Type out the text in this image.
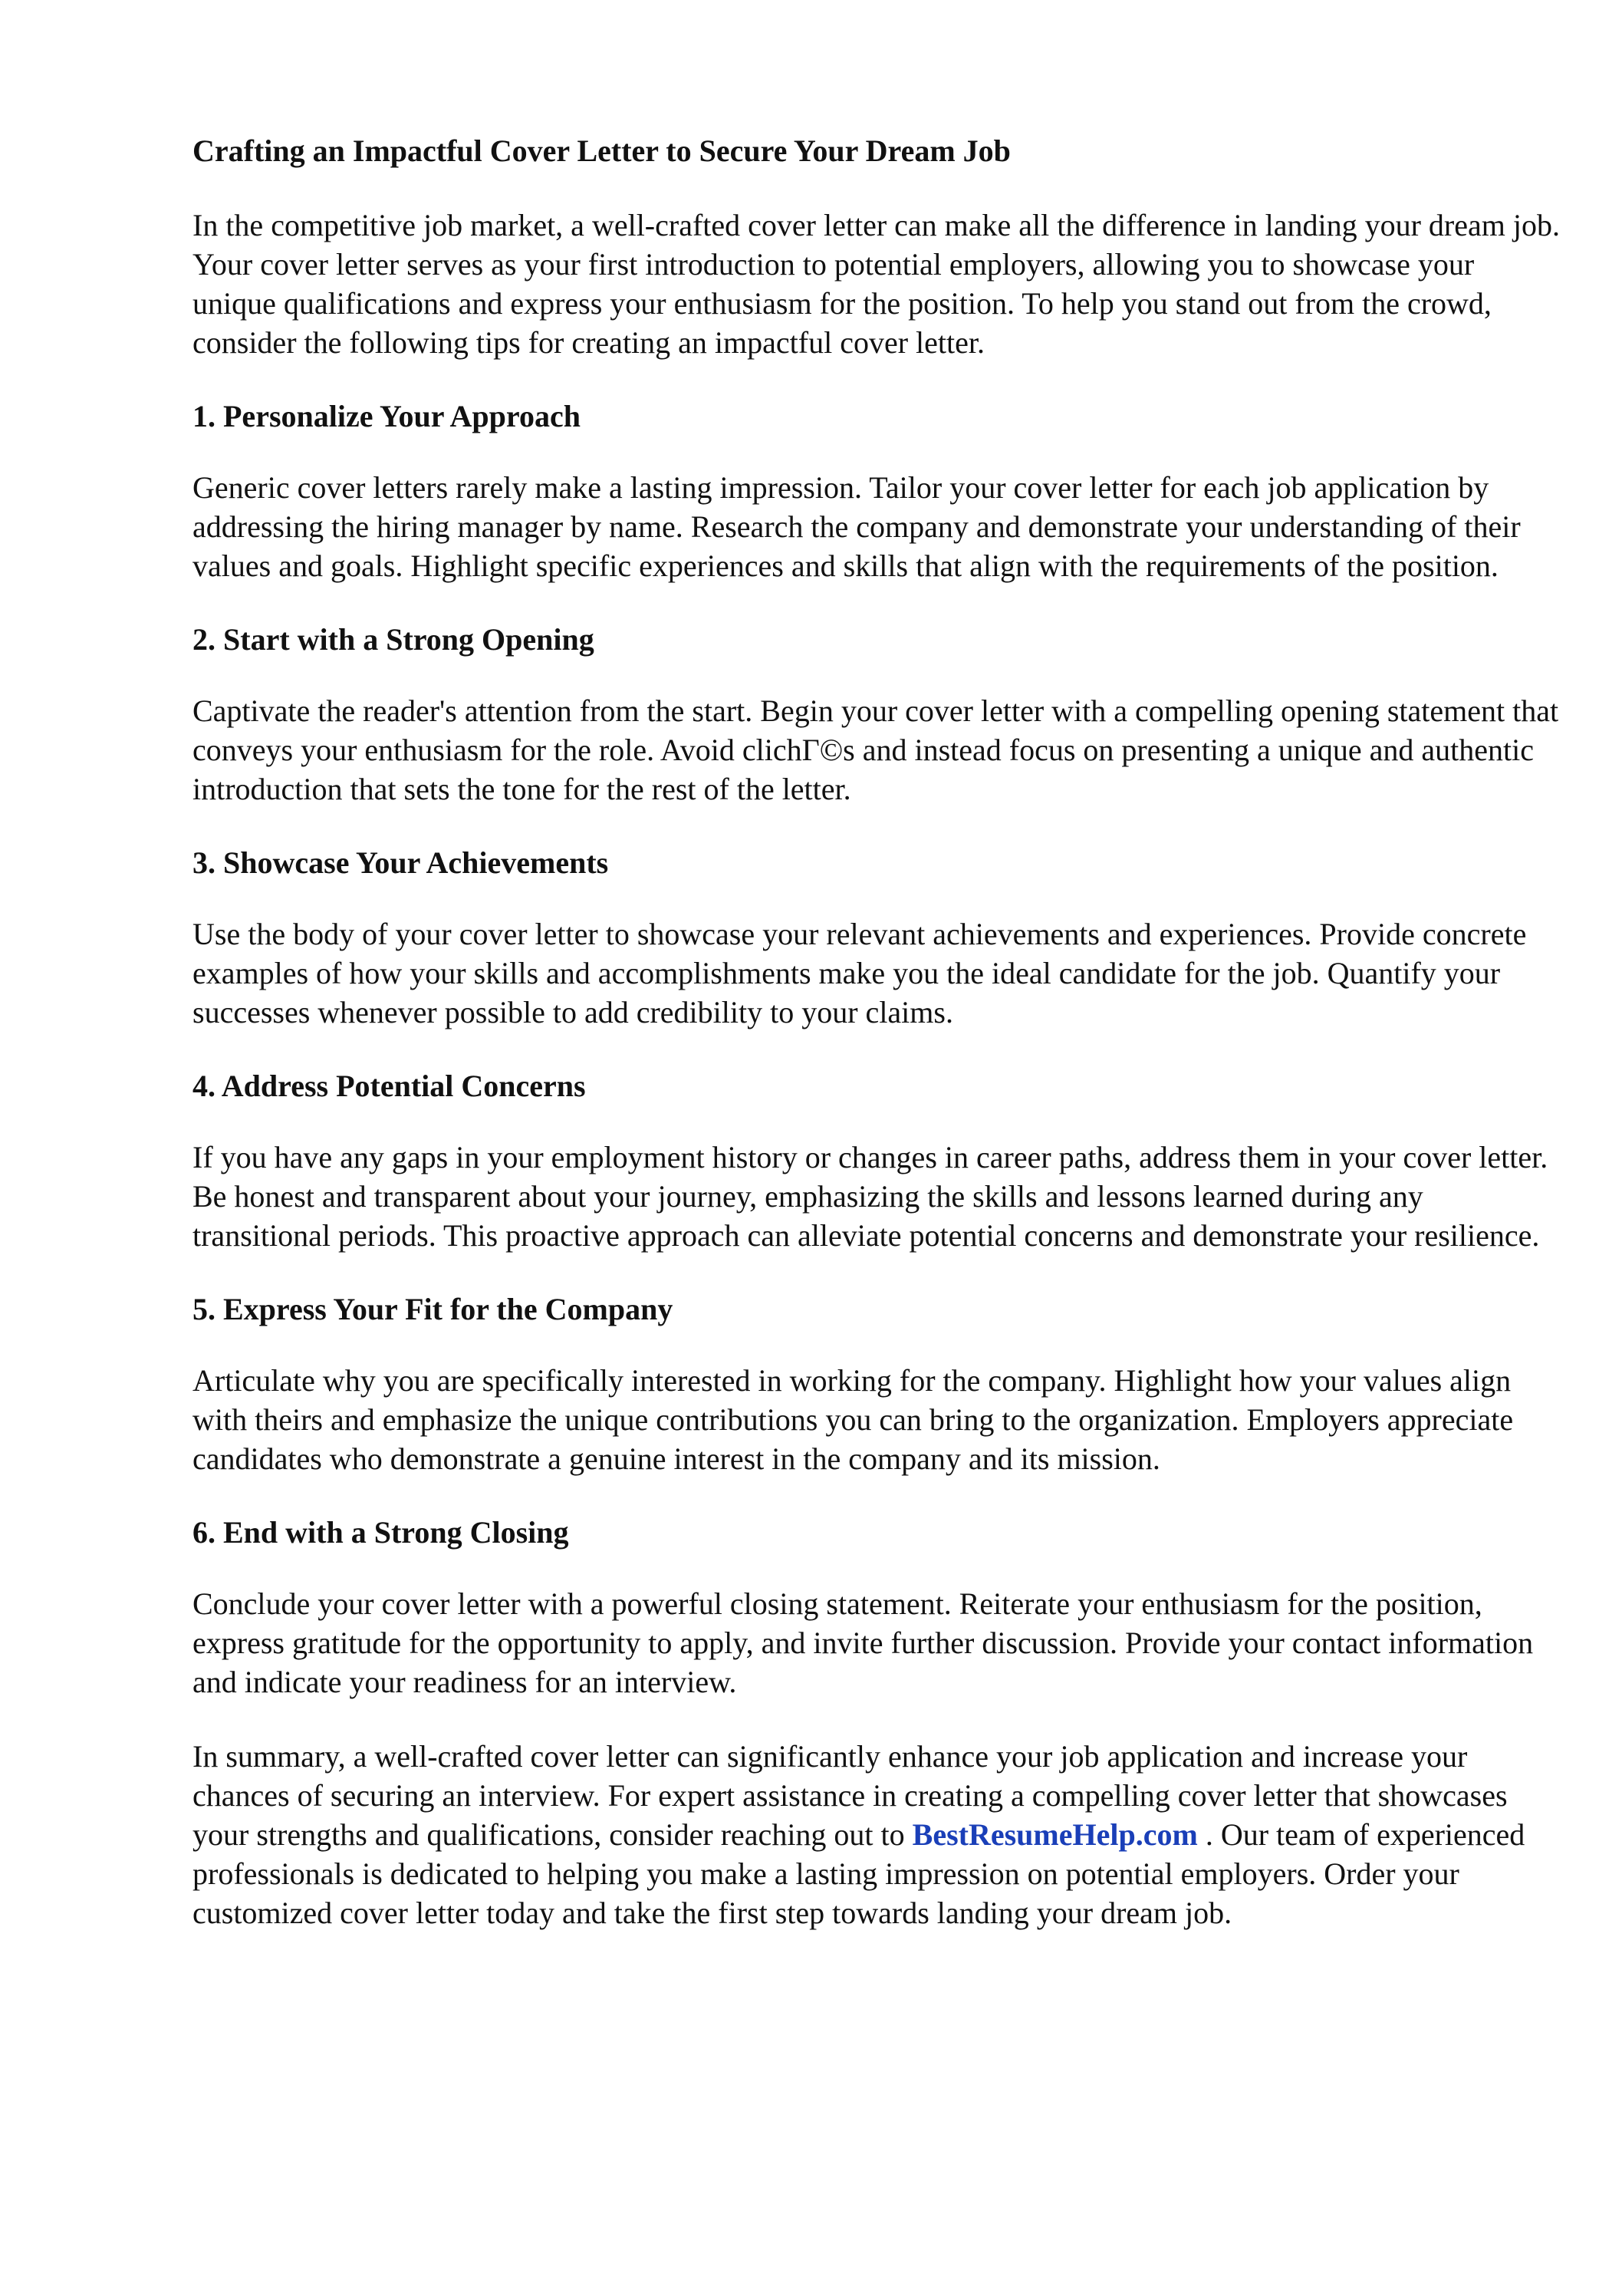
Crafting an Impactful Cover Letter to Secure Your Dream Job
In the competitive job market, a well-crafted cover letter can make all the difference in landing your dream job. Your cover letter serves as your first introduction to potential employers, allowing you to showcase your unique qualifications and express your enthusiasm for the position. To help you stand out from the crowd, consider the following tips for creating an impactful cover letter.
1. Personalize Your Approach
Generic cover letters rarely make a lasting impression. Tailor your cover letter for each job application by addressing the hiring manager by name. Research the company and demonstrate your understanding of their values and goals. Highlight specific experiences and skills that align with the requirements of the position.
2. Start with a Strong Opening
Captivate the reader's attention from the start. Begin your cover letter with a compelling opening statement that conveys your enthusiasm for the role. Avoid clichΓ©s and instead focus on presenting a unique and authentic introduction that sets the tone for the rest of the letter.
3. Showcase Your Achievements
Use the body of your cover letter to showcase your relevant achievements and experiences. Provide concrete examples of how your skills and accomplishments make you the ideal candidate for the job. Quantify your successes whenever possible to add credibility to your claims.
4. Address Potential Concerns
If you have any gaps in your employment history or changes in career paths, address them in your cover letter. Be honest and transparent about your journey, emphasizing the skills and lessons learned during any transitional periods. This proactive approach can alleviate potential concerns and demonstrate your resilience.
5. Express Your Fit for the Company
Articulate why you are specifically interested in working for the company. Highlight how your values align with theirs and emphasize the unique contributions you can bring to the organization. Employers appreciate candidates who demonstrate a genuine interest in the company and its mission.
6. End with a Strong Closing
Conclude your cover letter with a powerful closing statement. Reiterate your enthusiasm for the position, express gratitude for the opportunity to apply, and invite further discussion. Provide your contact information and indicate your readiness for an interview.
In summary, a well-crafted cover letter can significantly enhance your job application and increase your chances of securing an interview. For expert assistance in creating a compelling cover letter that showcases your strengths and qualifications, consider reaching out to BestResumeHelp.com . Our team of experienced professionals is dedicated to helping you make a lasting impression on potential employers. Order your customized cover letter today and take the first step towards landing your dream job.
